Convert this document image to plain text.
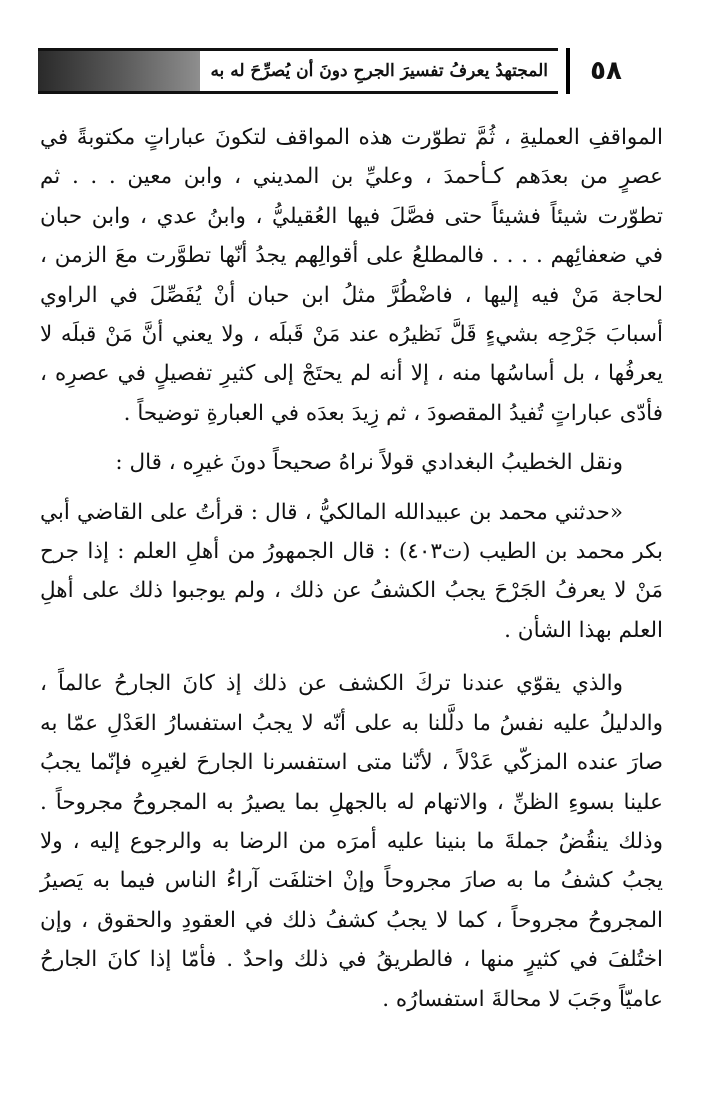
٥٨
المجتهدُ يعرفُ تفسيرَ الجرحِ دونَ أن يُصرِّحَ له به

المواقفِ العمليةِ ، ثُمَّ تطوّرت هذه المواقف لتكونَ عباراتٍ مكتوبةً في عصرٍ من بعدَهم كـأحمدَ ، وعليِّ بن المديني ، وابن معين . . . ثم تطوّرت شيئاً فشيئاً حتى فصَّلَ فيها العُقيليُّ ، وابنُ عدي ، وابن حبان في ضعفائِهم . . . . فالمطلعُ على أقوالِهم يجدُ أنّها تطوَّرت معَ الزمن ، لحاجة مَنْ فيه إليها ، فاضْطُرَّ مثلُ ابن حبان أنْ يُفَصِّلَ في الراوي أسبابَ جَرْحِه بشيءٍ قَلَّ نَظيرُه عند مَنْ قَبلَه ، ولا يعني أنَّ مَنْ قبلَه لا يعرفُها ، بل أساسُها منه ، إلا أنه لم يحتَجْ إلى كثيرِ تفصيلٍ في عصرِه ، فأدّى عباراتٍ تُفيدُ المقصودَ ، ثم زِيدَ بعدَه في العبارةِ توضيحاً .

ونقل الخطيبُ البغدادي قولاً نراهُ صحيحاً دونَ غيرِه ، قال :

«حدثني محمد بن عبيدالله المالكيُّ ، قال : قرأتُ على القاضي أبي بكر محمد بن الطيب (ت٤٠٣) : قال الجمهورُ من أهلِ العلم : إذا جرح مَنْ لا يعرفُ الجَرْحَ يجبُ الكشفُ عن ذلك ، ولم يوجبوا ذلك على أهلِ العلم بهذا الشأن .

والذي يقوّي عندنا تركَ الكشف عن ذلك إذ كانَ الجارحُ عالماً ، والدليلُ عليه نفسُ ما دلَّلنا به على أنّه لا يجبُ استفسارُ العَدْلِ عمّا به صارَ عنده المزكّي عَدْلاً ، لأنّنا متى استفسرنا الجارحَ لغيرِه فإنّما يجبُ علينا بسوءِ الظنِّ ، والاتهام له بالجهلِ بما يصيرُ به المجروحُ مجروحاً . وذلك ينقُضُ جملةَ ما بنينا عليه أمرَه من الرضا به والرجوع إليه ، ولا يجبُ كشفُ ما به صارَ مجروحاً وإنْ اختلفَت آراءُ الناس فيما به يَصيرُ المجروحُ مجروحاً ، كما لا يجبُ كشفُ ذلك في العقودِ والحقوق ، وإن اختُلفَ في كثيرٍ منها ، فالطريقُ في ذلك واحدٌ . فأمّا إذا كانَ الجارحُ عاميّاً وجَبَ لا محالةَ استفسارُه .
